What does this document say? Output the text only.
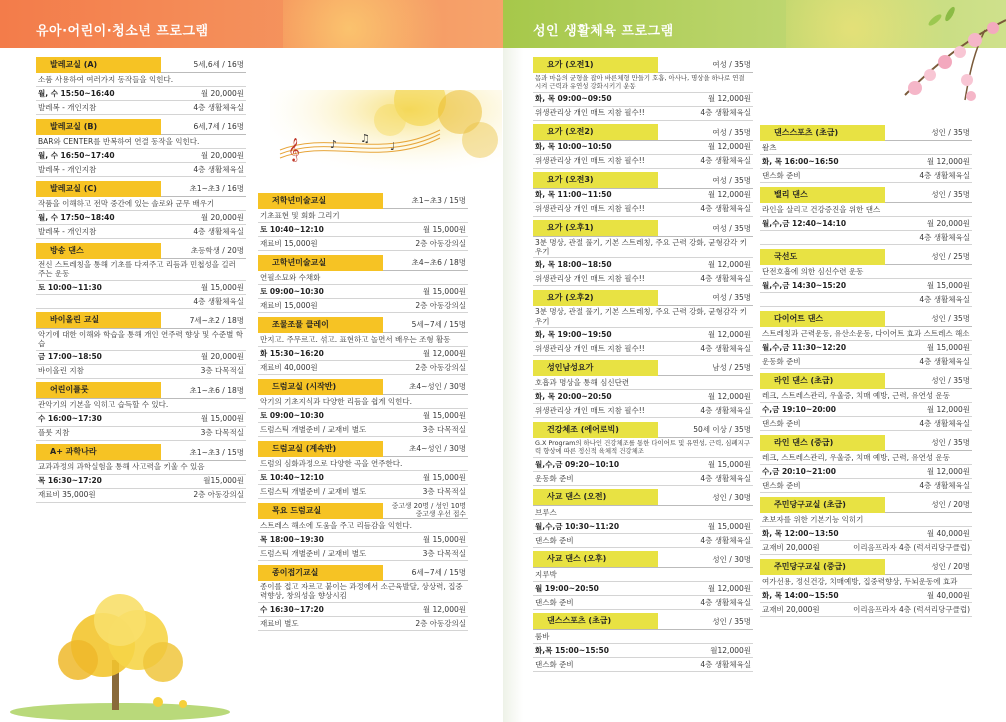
유아·어린이·청소년 프로그램
𝄞	♪ ♫
♩
발레교실 (A)	5세,6세 / 16명
소품 사용하여 여러가지 동작들을 익힌다.
월, 수 15:50~16:40	월 20,000원
발레복 - 개인지참	4층 생활체육실
발레교실 (B)	6세,7세 / 16명
BAR와 CENTER를 반복하여 연결 동작을 익힌다.
월, 수 16:50~17:40	월 20,000원
발레복 - 개인지참	4층 생활체육실
발레교실 (C)	초1~초3 / 16명
작품을 이해하고 전막 중간에 있는 솔로와 군무 배우기
월, 수 17:50~18:40	월 20,000원
발레복 - 개인지참	4층 생활체육실
방송 댄스	초등학생 / 20명
전신 스트레칭을 통해 기초를 다져주고 리듬과 민첩성을 길러 주는 운동
토 10:00~11:30	월 15,000원
4층 생활체육실
바이올린 교실	7세~초2 / 18명
악기에 대한 이해와 학습을 통해 개인 연주력 향상 및 수준별 학습
금 17:00~18:50	월 20,000원
바이올린 지참	3층 다목적실
어린이플룻	초1~초6 / 18명
관악기의 기본을 익히고 습득할 수 있다.
수 16:00~17:30	월 15,000원
플룻 지참	3층 다목적실
A+ 과학나라	초1~초3 / 15명
교과과정의 과학실험을 통해 사고력을 키울 수 있음
목 16:30~17:20	월15,000원
재료비 35,000원	2층 아동강의실
저학년미술교실	초1~초3 / 15명
기초표현 및 회화 그리기
토 10:40~12:10	월 15,000원
재료비 15,000원	2층 아동강의실
고학년미술교실	초4~초6 / 18명
연필소묘와 수채화
토 09:00~10:30	월 15,000원
재료비 15,000원	2층 아동강의실
조물조물 클레이	5세~7세 / 15명
만지고. 주무르고. 섞고. 표현하고 놀면서 배우는 조형 활동
화 15:30~16:20	월 12,000원
재료비 40,000원	2층 아동강의실
드럼교실 (시작반)	초4~성인 / 30명
악기의 기초지식과 다양한 리듬을 쉽게 익힌다.
토 09:00~10:30	월 15,000원
드럼스틱 개별준비 / 교재비 별도	3층 다목적실
드럼교실 (계속반)	초4~성인 / 30명
드럼의 심화과정으로 다양한 곡을 연주한다.
토 10:40~12:10	월 15,000원
드럼스틱 개별준비 / 교재비 별도	3층 다목적실
목요 드럼교실	중고생 20명 / 성인 10명
중고생 우선 접수
스트레스 해소에 도움을 주고 리듬감을 익힌다.
목 18:00~19:30	월 15,000원
드럼스틱 개별준비 / 교재비 별도	3층 다목적실
종이접기교실	6세~7세 / 15명
종이를 접고 자르고 붙이는 과정에서 소근육발달, 상상력, 집중력향상, 창의성을 향상시킴
수 16:30~17:20	월 12,000원
재료비 별도	2층 아동강의실
성인 생활체육 프로그램
요가 (오전1)	여성 / 35명
몸과 마음의 균형을 잡아 바른체형 만들기 호흡, 아사나, 명상을 하나로 연결 시켜 근력과 유연성 강화시키기 운동
화, 목 09:00~09:50	월 12,000원
위생관리상 개인 매트 지참 필수!!	4층 생활체육실
요가 (오전2)	여성 / 35명
화, 목 10:00~10:50	월 12,000원
위생관리상 개인 매트 지참 필수!!	4층 생활체육실
요가 (오전3)	여성 / 35명
화, 목 11:00~11:50	월 12,000원
위생관리상 개인 매트 지참 필수!!	4층 생활체육실
요가 (오후1)	여성 / 35명
3분 명상, 관절 풀기, 기본 스트레칭, 주요 근력 강화, 균형감각 키우기
화, 목 18:00~18:50	월 12,000원
위생관리상 개인 매트 지참 필수!!	4층 생활체육실
요가 (오후2)	여성 / 35명
3분 명상, 관절 풀기, 기본 스트레칭, 주요 근력 강화, 균형감각 키우기
화, 목 19:00~19:50	월 12,000원
위생관리상 개인 매트 지참 필수!!	4층 생활체육실
성인남성요가	남성 / 25명
호흡과 명상을 통해 심신단련
화, 목 20:00~20:50	월 12,000원
위생관리상 개인 매트 지참 필수!!	4층 생활체육실
건강체조 (에어로빅)	50세 이상 / 35명
G.X Program의 하나인 건강체조를 통한 다이어트 및 유연성, 근력, 심폐지구력 향상에 따른 정신적 육체적 건강체조
월,수,금 09:20~10:10	월 15,000원
운동화 준비	4층 생활체육실
사교 댄스 (오전)	성인 / 30명
브루스
월,수,금 10:30~11:20	월 15,000원
댄스화 준비	4층 생활체육실
사교 댄스 (오후)	성인 / 30명
지루박
월 19:00~20:50	월 12,000원
댄스화 준비	4층 생활체육실
댄스스포츠 (초급)	성인 / 35명
룸바
화,목 15:00~15:50	월12,000원
댄스화 준비	4층 생활체육실
댄스스포츠 (초급)	성인 / 35명
왈츠
화, 목 16:00~16:50	월 12,000원
댄스화 준비	4층 생활체육실
밸리 댄스	성인 / 35명
라인을 살리고 건강증진을 위한 댄스
월,수,금 12:40~14:10	월 20,000원
4층 생활체육실
국선도	성인 / 25명
단전호흡에 의한 심신수련 운동
월,수,금 14:30~15:20	월 15,000원
4층 생활체육실
다이어트 댄스	성인 / 35명
스트레칭과 근력운동, 유산소운동, 다이어트 효과 스트레스 해소
월,수,금 11:30~12:20	월 15,000원
운동화 준비	4층 생활체육실
라인 댄스 (초급)	성인 / 35명
레크, 스트레스관리, 우울증, 치매 예방, 근력, 유연성 운동
수,금 19:10~20:00	월 12,000원
댄스화 준비	4층 생활체육실
라인 댄스 (중급)	성인 / 35명
레크, 스트레스관리, 우울증, 치매 예방, 근력, 유연성 운동
수,금 20:10~21:00	월 12,000원
댄스화 준비	4층 생활체육실
주민당구교실 (초급)	성인 / 20명
초보자를 위한 기본기능 익히기
화, 목 12:00~13:50	월 40,000원
교재비 20,000원	이리음프라자 4층 (럭셔리당구클럽)
주민당구교실 (중급)	성인 / 20명
여가선용, 정신건강, 치매예방, 집중력향상, 두뇌운동에 효과
화, 목 14:00~15:50	월 40,000원
교재비 20,000원	이리음프라자 4층 (럭셔리당구클럽)
